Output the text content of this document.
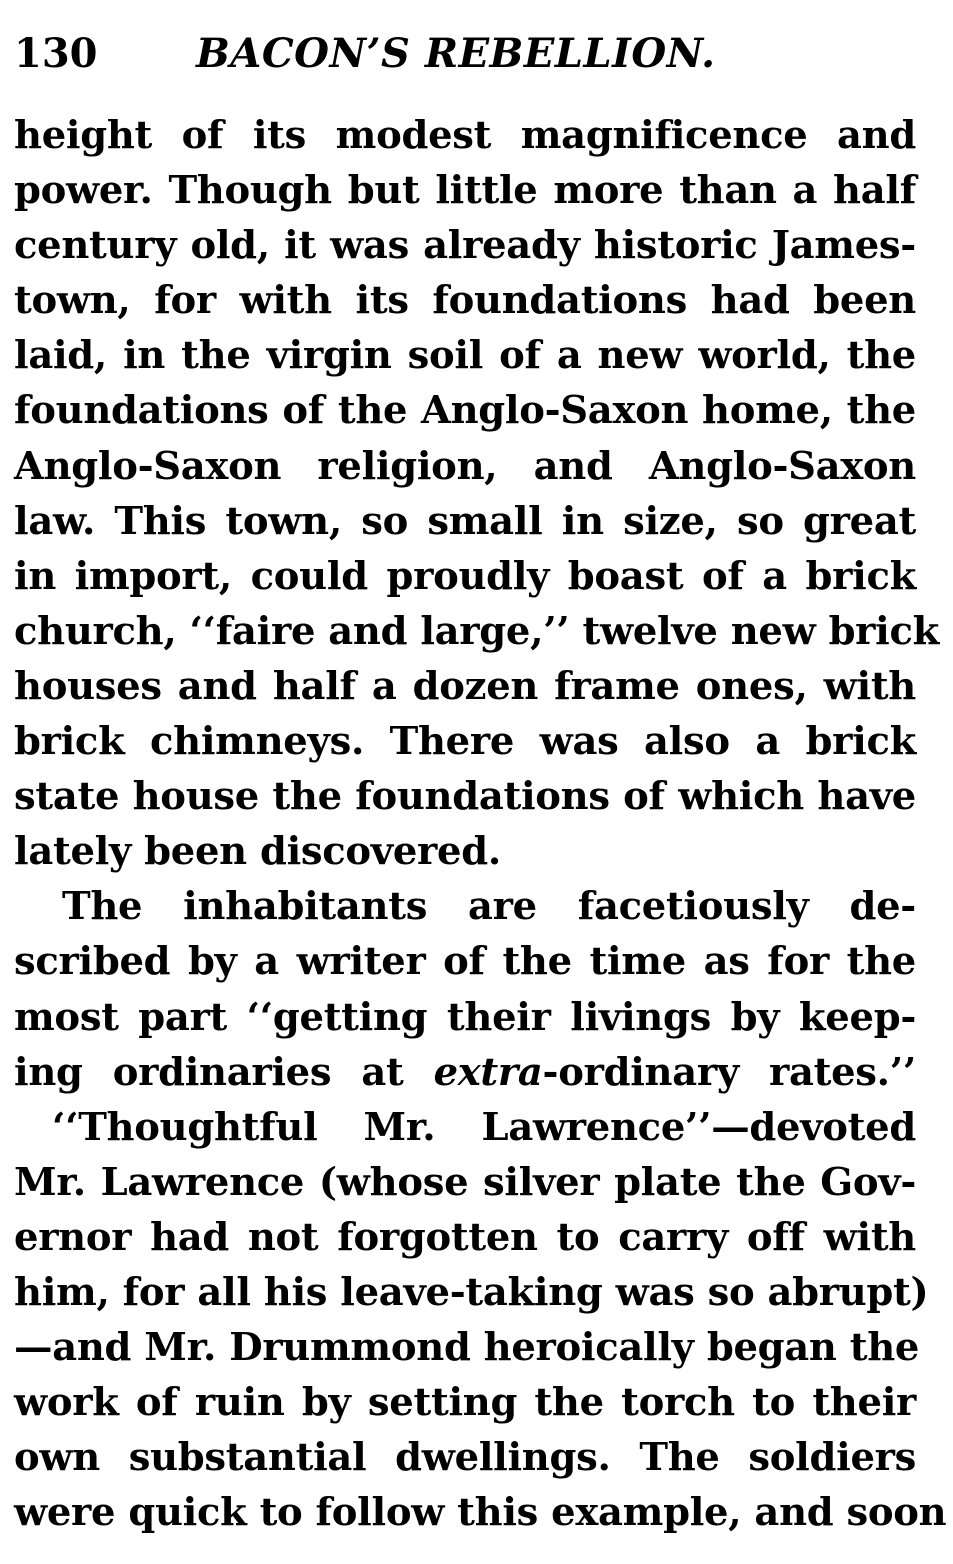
130	BACON’S REBELLION.
height of its modest magnificence and
power. Though but little more than a half
century old, it was already historic James-
town, for with its foundations had been
laid, in the virgin soil of a new world, the
foundations of the Anglo-Saxon home, the
Anglo-Saxon religion, and Anglo-Saxon
law. This town, so small in size, so great
in import, could proudly boast of a brick
church, ‘‘faire and large,’’ twelve new brick
houses and half a dozen frame ones, with
brick chimneys. There was also a brick
state house the foundations of which have
lately been discovered.
The inhabitants are facetiously de-
scribed by a writer of the time as for the
most part ‘‘getting their livings by keep-
ing ordinaries at extra-ordinary rates.’’
‘‘Thoughtful Mr. Lawrence’’—devoted
Mr. Lawrence (whose silver plate the Gov-
ernor had not forgotten to carry off with
him, for all his leave-taking was so abrupt)
—and Mr. Drummond heroically began the
work of ruin by setting the torch to their
own substantial dwellings. The soldiers
were quick to follow this example, and soon
